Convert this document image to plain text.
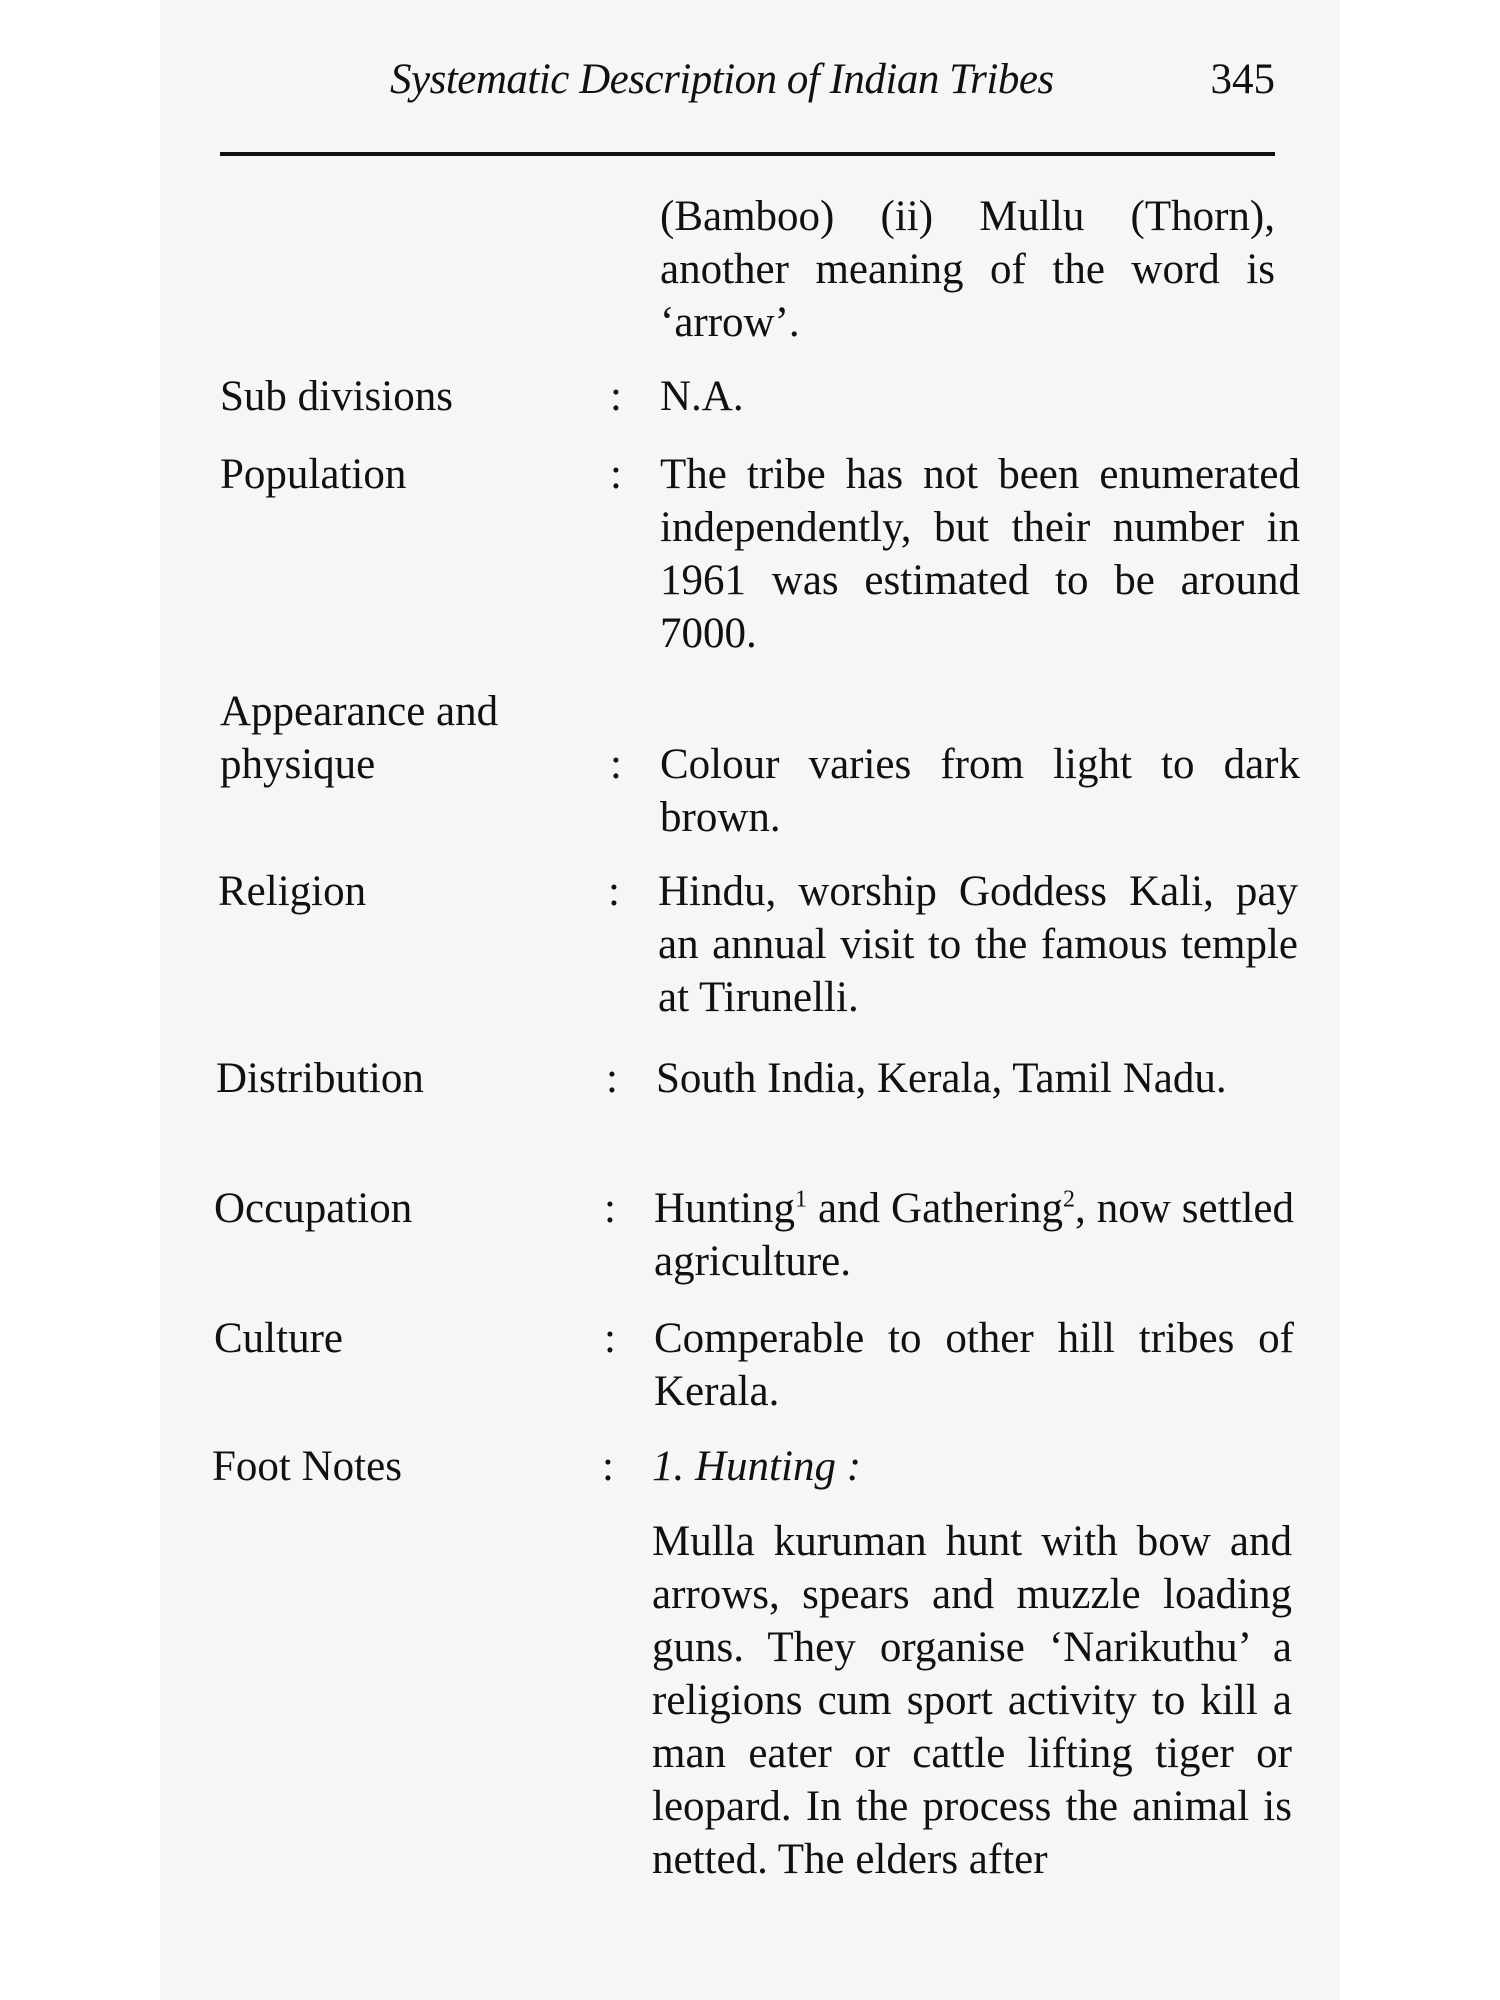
Systematic Description of Indian Tribes	345
(Bamboo) (ii) Mullu (Thorn), another meaning of the word is ‘arrow’.
Sub divisions	: N.A.
Population	: The tribe has not been enumerated independently, but their number in 1961 was estimated to be around 7000.
Appearance and
physique	: Colour varies from light to dark brown.
Religion	: Hindu, worship Goddess Kali, pay an annual visit to the famous temple at Tirunelli.
Distribution	: South India, Kerala, Tamil Nadu.
Occupation	: Hunting$^1$ and Gathering$^2$, now settled agriculture.
Culture	: Comperable to other hill tribes of Kerala.
Foot Notes	: 1. Hunting :

Mulla kuruman hunt with bow and arrows, spears and muzzle loading guns. They organise ‘Narikuthu’ a religions cum sport activity to kill a man eater or cattle lifting tiger or leopard. In the process the animal is netted. The elders after
